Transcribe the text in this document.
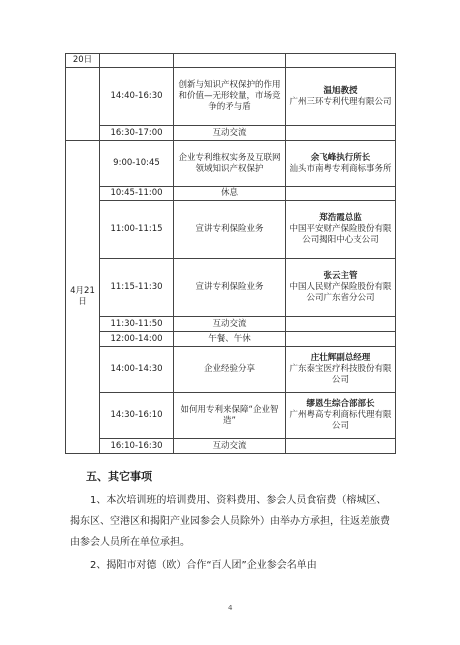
20日			
	14:40-16:30	创新与知识产权保护的作用和价值—无形较量，市场竞争的矛与盾	温旭教授
广州三环专利代理有限公司

	16:30-17:00	互动交流	
4月21日	9:00-10:45	企业专利维权实务及互联网领域知识产权保护	余飞峰执行所长
汕头市南粤专利商标事务所

	10:45-11:00	休息	
	11:00-11:15	宣讲专利保险业务	郑浩霞总监
中国平安财产保险股份有限公司揭阳中心支公司

	11:15-11:30	宣讲专利保险业务	张云主管
中国人民财产保险股份有限公司广东省分公司

	11:30-11:50	互动交流	
	12:00-14:00	午餐、午休	
	14:00-14:30	企业经验分享	庄壮辉副总经理
广东泰宝医疗科技股份有限公司

	14:30-16:10	如何用专利来保障“企业智造”	缪恩生综合部部长
广州粤高专利商标代理有限公司

	16:10-16:30	互动交流	
五、其它事项
1、本次培训班的培训费用、资料费用、参会人员食宿费（榕城区、揭东区、空港区和揭阳产业园参会人员除外）由举办方承担，往返差旅费由参会人员所在单位承担。
2、揭阳市对德（欧）合作“百人团”企业参会名单由
4
